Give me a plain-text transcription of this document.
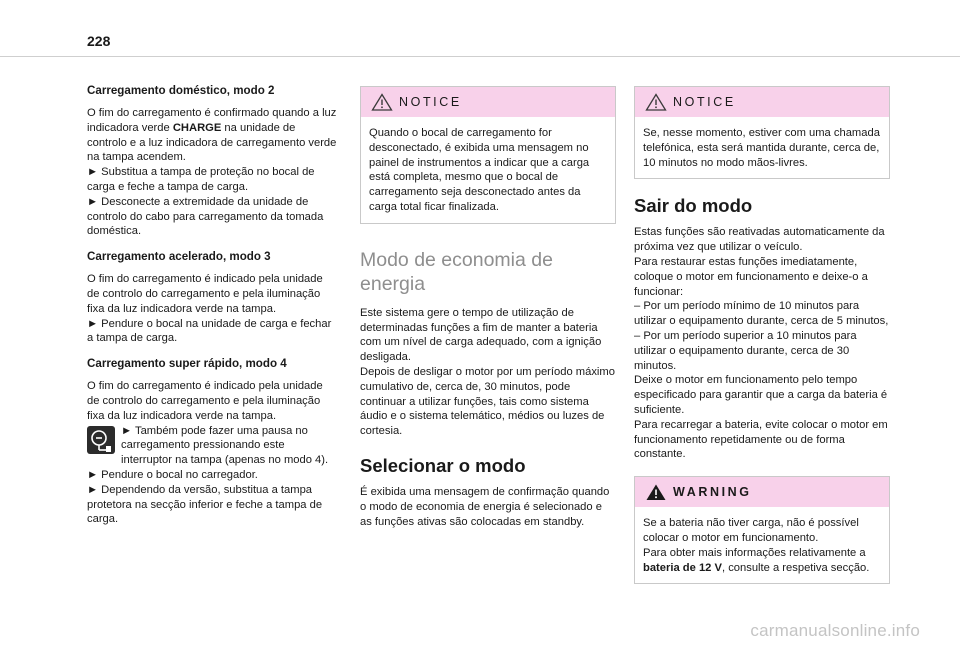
228
Carregamento doméstico, modo 2

O fim do carregamento é confirmado quando a luz indicadora verde CHARGE na unidade de controlo e a luz indicadora de carregamento verde na tampa acendem.

► Substitua a tampa de proteção no bocal de carga e feche a tampa de carga.

► Desconecte a extremidade da unidade de controlo do cabo para carregamento da tomada doméstica.

Carregamento acelerado, modo 3

O fim do carregamento é indicado pela unidade de controlo do carregamento e pela iluminação fixa da luz indicadora verde na tampa.

► Pendure o bocal na unidade de carga e fechar a tampa de carga.

Carregamento super rápido, modo 4

O fim do carregamento é indicado pela unidade de controlo do carregamento e pela iluminação fixa da luz indicadora verde na tampa.

► Também pode fazer uma pausa no carregamento pressionando este interruptor na tampa (apenas no modo 4).

► Pendure o bocal no carregador.

► Dependendo da versão, substitua a tampa protetora na secção inferior e feche a tampa de carga.

NOTICE

Quando o bocal de carregamento for desconectado, é exibida uma mensagem no painel de instrumentos a indicar que a carga está completa, mesmo que o bocal de carregamento seja desconectado antes da carga total ficar finalizada.

Modo de economia de energia

Este sistema gere o tempo de utilização de determinadas funções a fim de manter a bateria com um nível de carga adequado, com a ignição desligada.

Depois de desligar o motor por um período máximo cumulativo de, cerca de, 30 minutos, pode continuar a utilizar funções, tais como sistema áudio e o sistema telemático, médios ou luzes de cortesia.

Selecionar o modo

É exibida uma mensagem de confirmação quando o modo de economia de energia é selecionado e as funções ativas são colocadas em standby.

NOTICE

Se, nesse momento, estiver com uma chamada telefónica, esta será mantida durante, cerca de, 10 minutos no modo mãos-livres.

Sair do modo

Estas funções são reativadas automaticamente da próxima vez que utilizar o veículo.

Para restaurar estas funções imediatamente, coloque o motor em funcionamento e deixe-o a funcionar:

– Por um período mínimo de 10 minutos para utilizar o equipamento durante, cerca de 5 minutos,

– Por um período superior a 10 minutos para utilizar o equipamento durante, cerca de 30 minutos.

Deixe o motor em funcionamento pelo tempo especificado para garantir que a carga da bateria é suficiente.

Para recarregar a bateria, evite colocar o motor em funcionamento repetidamente ou de forma constante.

WARNING

Se a bateria não tiver carga, não é possível colocar o motor em funcionamento.

Para obter mais informações relativamente a bateria de 12 V, consulte a respetiva secção.

carmanualsonline.info
